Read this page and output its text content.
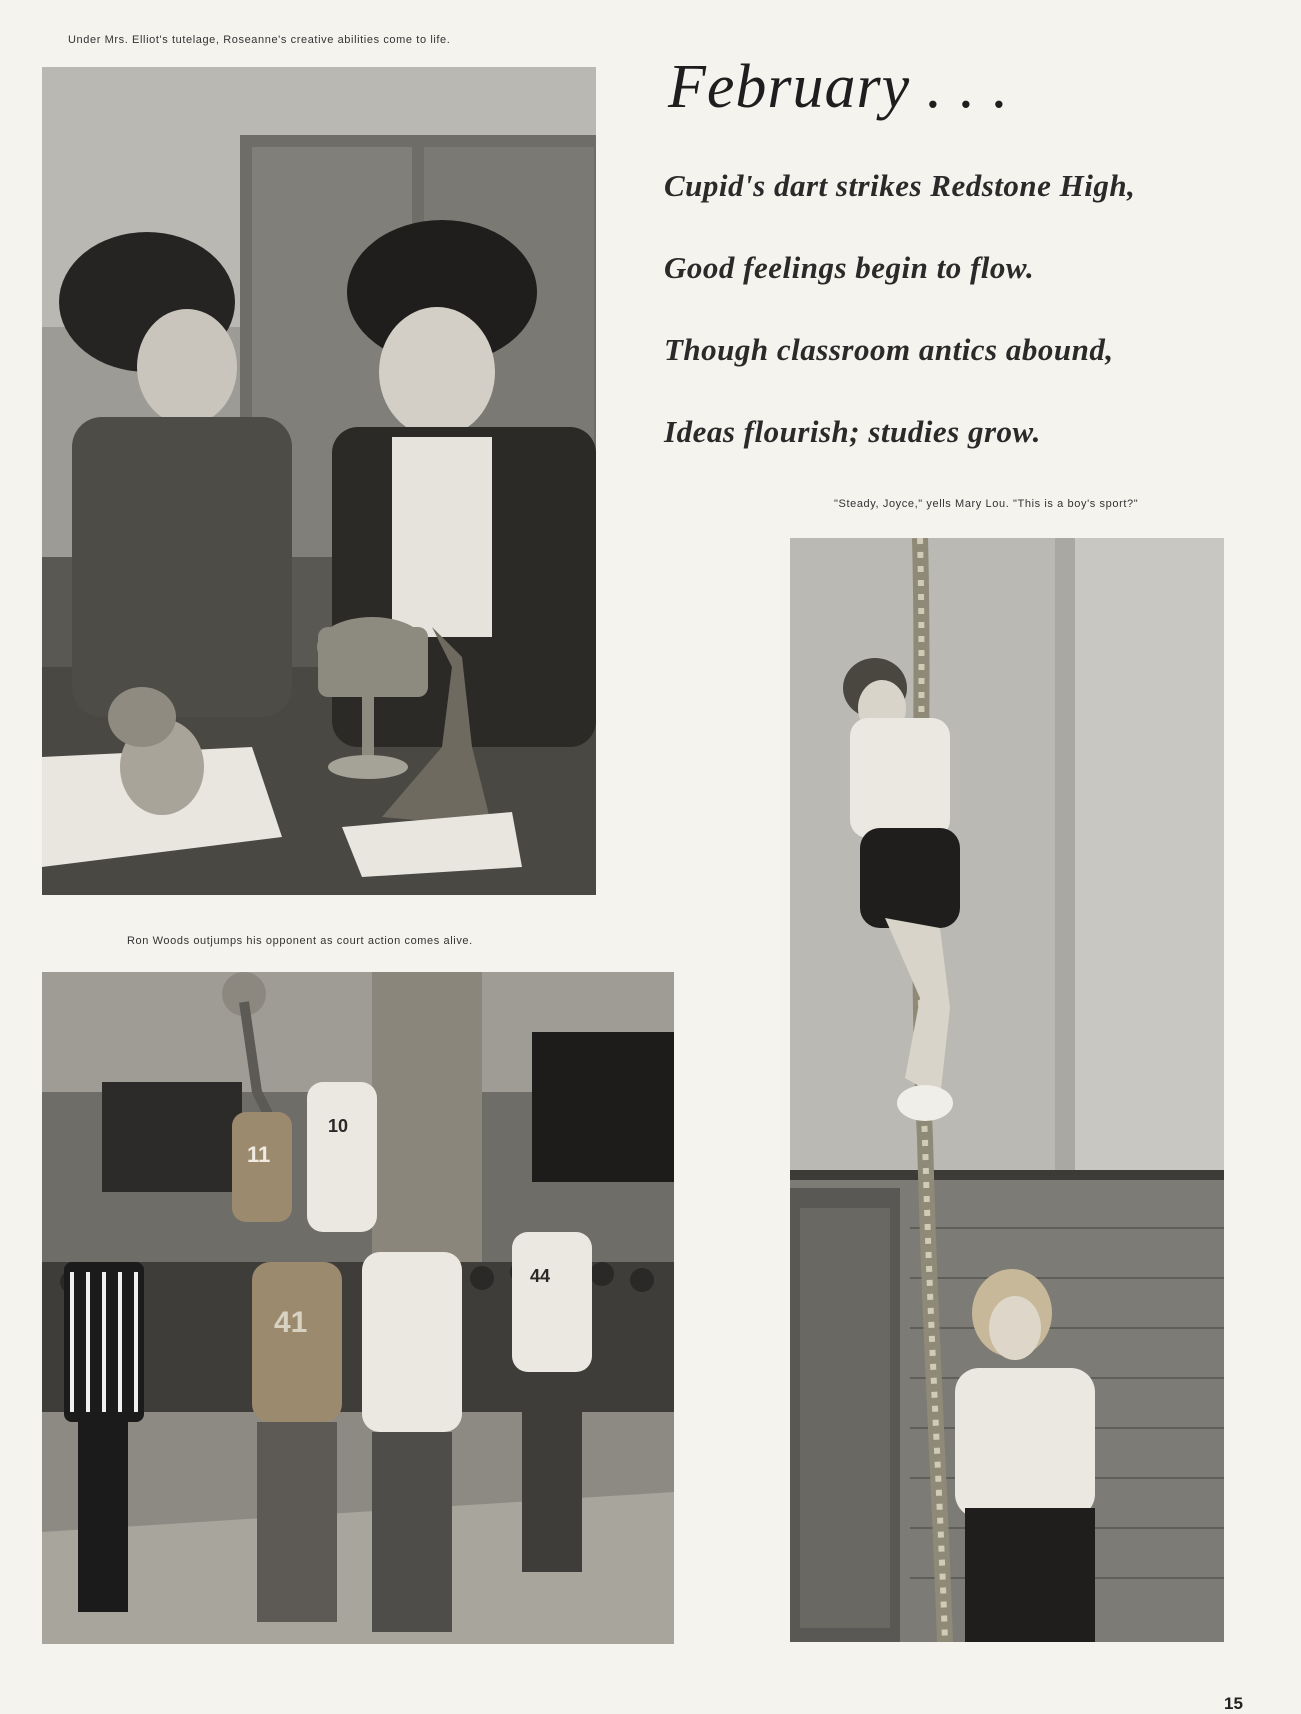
Under Mrs. Elliot's tutelage, Roseanne's creative abilities come to life.
February . . .
Cupid's dart strikes Redstone High,
Good feelings begin to flow.
Though classroom antics abound,
Ideas flourish; studies grow.
"Steady, Joyce," yells Mary Lou. "This is a boy's sport?"
Ron Woods outjumps his opponent as court action comes alive.
11
10
41
44
15
